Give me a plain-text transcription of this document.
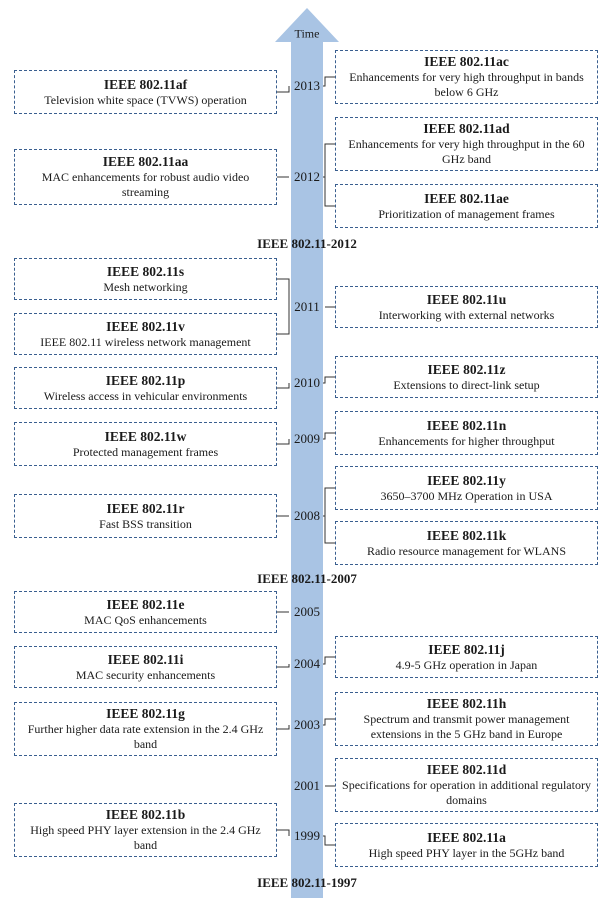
Time
2013
2012
2011
2010
2009
2008
2005
2004
2003
2001
1999
IEEE 802.11-2012
IEEE 802.11-2007
IEEE 802.11-1997
IEEE 802.11af
Television white space (TVWS) operation
IEEE 802.11ac
Enhancements for very high throughput in bands below 6 GHz
IEEE 802.11ad
Enhancements for very high throughput in the 60 GHz band
IEEE 802.11aa
MAC enhancements for robust audio video streaming	IEEE 802.11ae
Prioritization of management frames
IEEE 802.11s
Mesh networking
IEEE 802.11u
Interworking with external networks
IEEE 802.11v
IEEE 802.11 wireless network management
IEEE 802.11p
Wireless access in vehicular environments
IEEE 802.11z
Extensions to direct-link setup
IEEE 802.11w
Protected management frames
IEEE 802.11n
Enhancements for higher throughput
IEEE 802.11y
3650–3700 MHz Operation in USA
IEEE 802.11r
Fast BSS transition
IEEE 802.11k
Radio resource management for WLANS
IEEE 802.11e
MAC QoS enhancements
IEEE 802.11i
MAC security enhancements
IEEE 802.11j
4.9-5 GHz operation in Japan
IEEE 802.11g
Further higher data rate extension in the 2.4 GHz band
IEEE 802.11h
Spectrum and transmit power management extensions in the 5 GHz band in Europe
IEEE 802.11d
Specifications for operation in additional regulatory domains
IEEE 802.11b
High speed PHY layer extension in the 2.4 GHz band
IEEE 802.11a
High speed PHY layer in the 5GHz band
